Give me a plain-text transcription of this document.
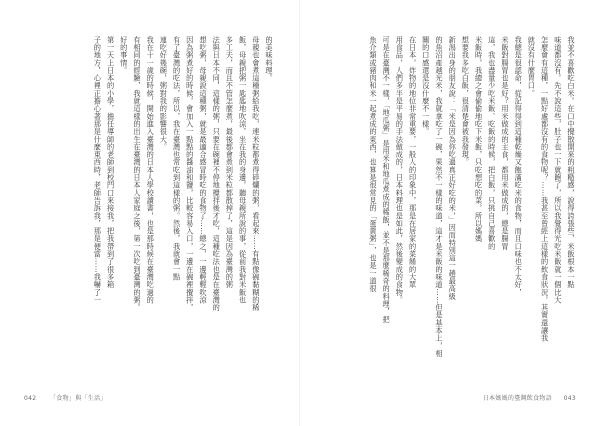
的美味料理。
母親也會煮這種粥給我吃，連米粒都煮得碎爛的粥，看起來……有點像碗黏糊的稀
飯，母親把粥一匙匙地吹涼，坐在我的身邊，聽母親所說的事，從前我對米飯也
多工夫，而且不管怎麼煮，最後都會煮到米粒都散掉了，這是因為臺灣的粥
法與日本不同，這樣的粥，只要在碗裡不停地攪拌後才吃，這種吃法也是在臺灣的
想吃粥，母親說這種粥，就是最適合感冒時吃的食物了……總之，一邊輕輕吹涼
因為粥煮好的時候，會加入一點點的醬油和鹽，比較容易入口，一邊在碗裡攪拌，
有了臺灣的吃法，所以，我在臺灣也常吃到這樣的粥。然後，我就會一點
連吃好幾碗，粥對我的影響很大。
我在十一歲的時候，開始進入臺灣的日本人學校讀書，也是那時候在臺灣吃過的
有相同的經驗，我就這樣的出生在臺灣的日本人家庭之後，第一次吃到臺灣的粥。
好的事情。
第一天上日本的小學，擔任導師的老師到校門口來接我，把我帶到了很多箱
子的地方，心裡正擔心著那是什麼東西時，老師告訴我，那是便當……我嚇了一
042 「食物」與「生活」
我並不喜歡吃白米。在口中攪散開來的粗糙感，說得誇張些，米飯根本一點
味道都沒有。先不說這些，肚子也一下就飽了，所以我覺得光吃米飯就一個比大
怎麼會有這種，一點好處都沒有的食物呢？……我甚至曾經上這樣的飲食狀況，其實還讓我
就沒有什麼胃口。
我總是很認命，從記得得到這種乾燥又飽滿吃米的食物，而且口味也不太好，
米飯對腸胃也是好？用米做成的主食，都用米做成的，總是腸胃
這，我也盡量少吃米飯、吃飯的時候，把白飯，只挑自己喜歡的
米飯時，我總之會偷偷地吃下米飯，只吃想吃的菜，所以媽媽
想要我多吃白飯，很清楚會被我發現。
新潟出身的朋友說：「米是因為你吃過真正好吃的米，」因而特別這一趟最高級
的魚沼產越光米，我就拿吃了一碗，果然不一樣的味道，這才是米飯的味道……但是基本上，相
關的口感還是沒什麼不一樣。
在日本，炸物的地位非常重要，一般人的印象中，那是在居家的菜餚的大眾
用食品，人們多半是平易的手法做成的，日本料理也是如此，然後變成的食物。
可是在臺灣不一樣，「地瓜粥」是用米和地瓜煮成的稀飯，並不是那麼稀奇的料理，把
魚介類或豬肉和米一起煮成的東西，也算是很常見的「蛋黃粥」，也是一道很
日本媽媽的臺灣飲食物語 043
